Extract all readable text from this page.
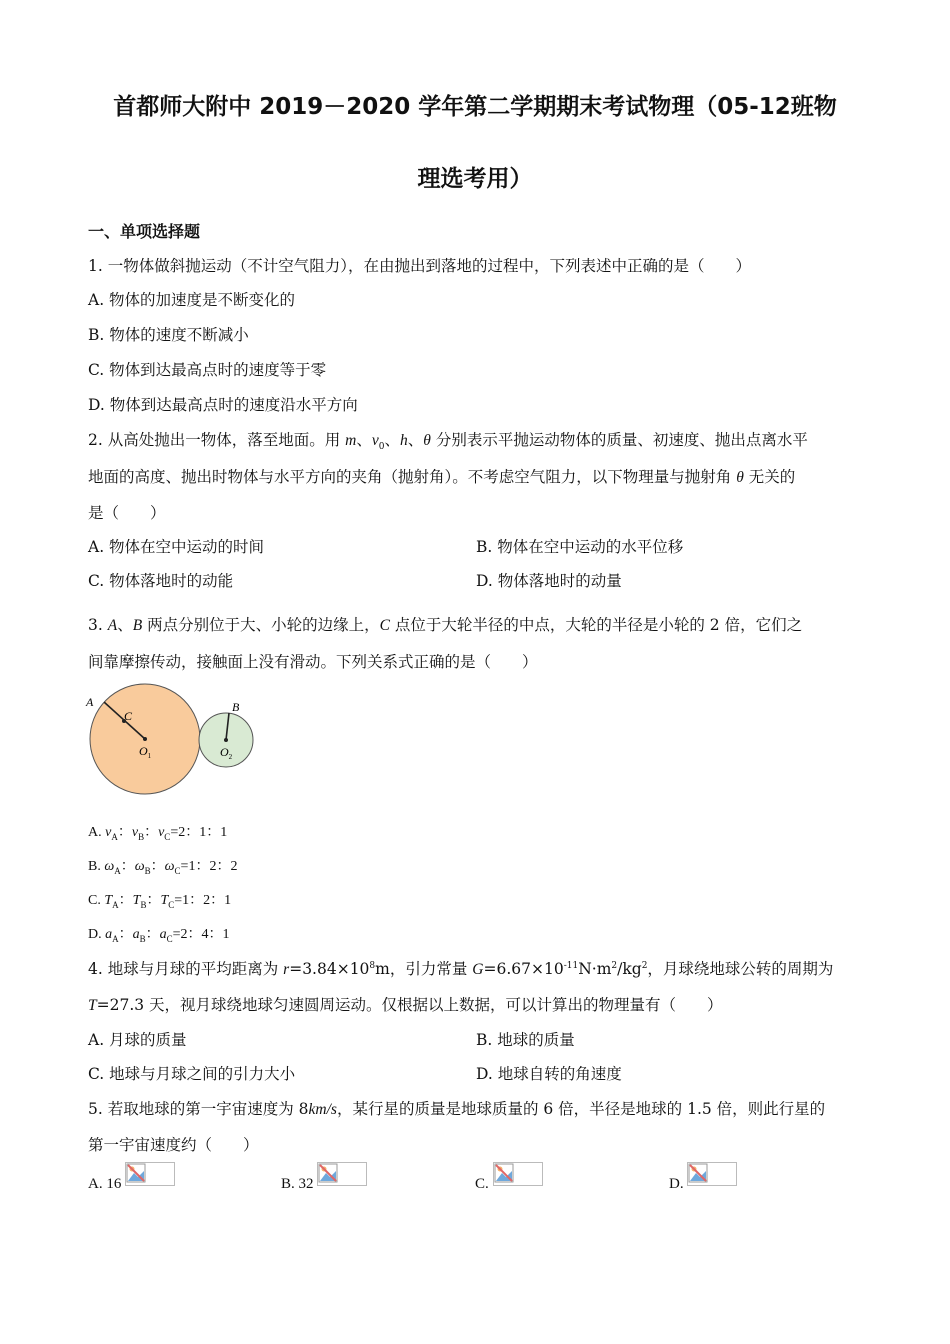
首都师大附中 2019－2020 学年第二学期期末考试物理（05-12班物
理选考用）
一、单项选择题
1. 一物体做斜抛运动（不计空气阻力），在由抛出到落地的过程中，下列表述中正确的是（　　）
A. 物体的加速度是不断变化的
B. 物体的速度不断减小
C. 物体到达最高点时的速度等于零
D. 物体到达最高点时的速度沿水平方向
2. 从高处抛出一物体，落至地面。用 m、$v_0$、h、θ 分别表示平抛运动物体的质量、初速度、抛出点离水平
地面的高度、抛出时物体与水平方向的夹角（抛射角）。不考虑空气阻力，以下物理量与抛射角 θ 无关的
是（　　）
A. 物体在空中运动的时间	B. 物体在空中运动的水平位移
C. 物体落地时的动能	D. 物体落地时的动量
3. A、B 两点分别位于大、小轮的边缘上，C 点位于大轮半径的中点，大轮的半径是小轮的 2 倍，它们之
间靠摩擦传动，接触面上没有滑动。下列关系式正确的是（　　）
A
C
B
$O_1$	$O_2$
A. $v_A$：$v_B$：$v_C=2$：1：1
B. $\omega_A$：$\omega_B$：$\omega_C=1$：2：2
C. $T_A$：$T_B$：$T_C=1$：2：1
D. $a_A$：$a_B$：$a_C=2$：4：1
4. 地球与月球的平均距离为 $r=3.84\times 10^8m$，引力常量 $G=6.67\times 10^{-11}N\cdot m^2/kg^2$，月球绕地球公转的周期为
T=27.3 天，视月球绕地球匀速圆周运动。仅根据以上数据，可以计算出的物理量有（　　）
A. 月球的质量	B. 地球的质量
C. 地球与月球之间的引力大小	D. 地球自转的角速度
5. 若取地球的第一宇宙速度为 8km/s，某行星的质量是地球质量的 6 倍，半径是地球的 1.5 倍，则此行星的
第一宇宙速度约（　　）
A. 16	B. 32	C.	D.
